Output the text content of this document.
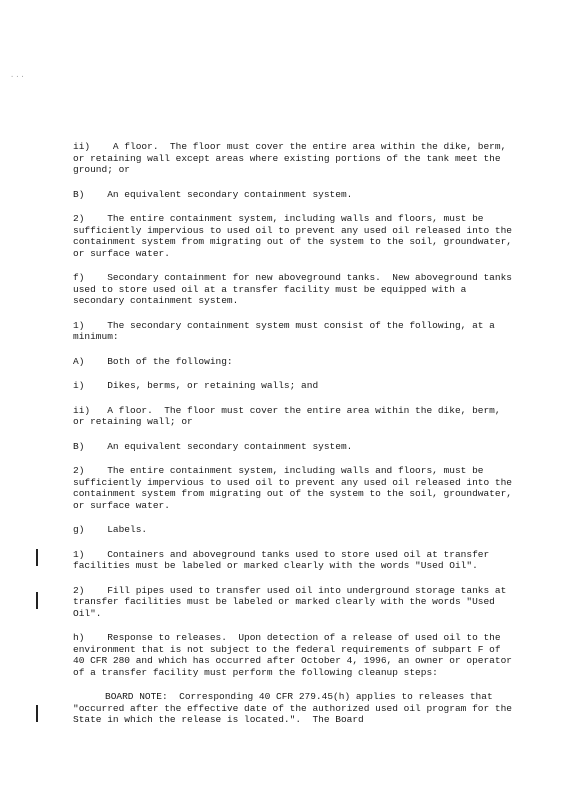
...

ii)    A floor.  The floor must cover the entire area within the dike, berm, or retaining wall except areas where existing portions of the tank meet the ground; or

B)    An equivalent secondary containment system.

2)    The entire containment system, including walls and floors, must be sufficiently impervious to used oil to prevent any used oil released into the containment system from migrating out of the system to the soil, groundwater, or surface water.

f)    Secondary containment for new aboveground tanks.  New aboveground tanks used to store used oil at a transfer facility must be equipped with a secondary containment system.

1)    The secondary containment system must consist of the following, at a minimum:

A)    Both of the following:

i)    Dikes, berms, or retaining walls; and

ii)   A floor.  The floor must cover the entire area within the dike, berm, or retaining wall; or

B)    An equivalent secondary containment system.

2)    The entire containment system, including walls and floors, must be sufficiently impervious to used oil to prevent any used oil released into the containment system from migrating out of the system to the soil, groundwater, or surface water.

g)    Labels.

1)    Containers and aboveground tanks used to store used oil at transfer facilities must be labeled or marked clearly with the words "Used Oil".

2)    Fill pipes used to transfer used oil into underground storage tanks at transfer facilities must be labeled or marked clearly with the words "Used Oil".

h)    Response to releases.  Upon detection of a release of used oil to the environment that is not subject to the federal requirements of subpart F of 40 CFR 280 and which has occurred after October 4, 1996, an owner or operator of a transfer facility must perform the following cleanup steps:

BOARD NOTE:  Corresponding 40 CFR 279.45(h) applies to releases that "occurred after the effective date of the authorized used oil program for the State in which the release is located.".  The Board
